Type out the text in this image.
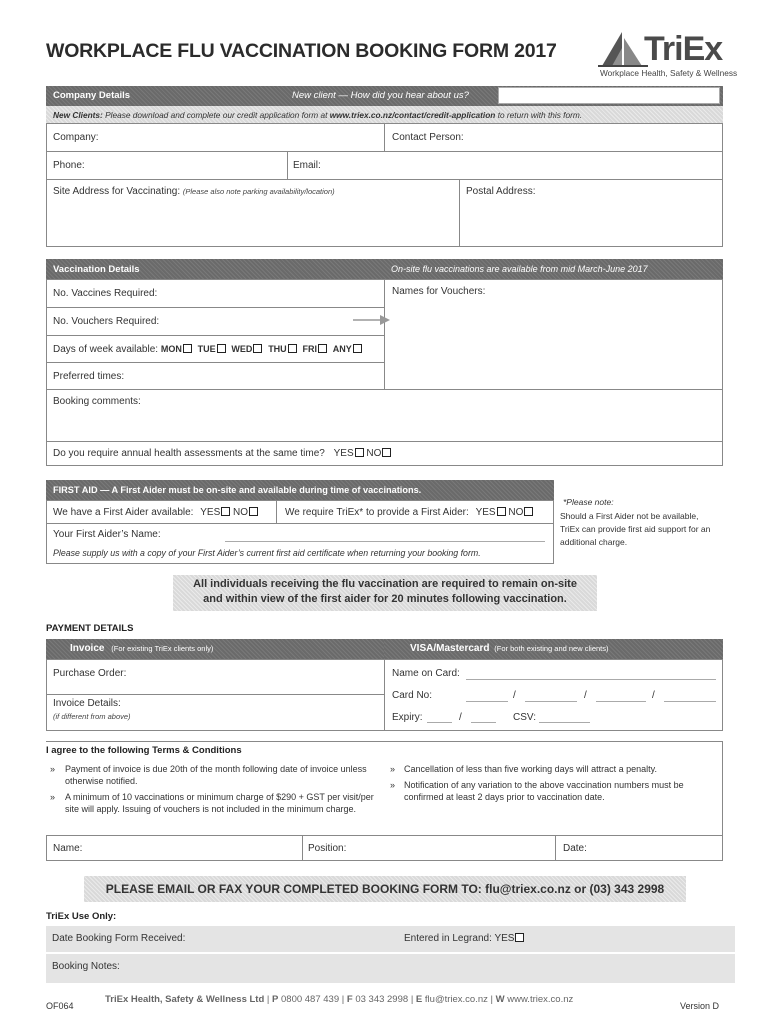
WORKPLACE FLU VACCINATION BOOKING FORM 2017	TriEx
Workplace Health, Safety & Wellness
Company Details	New client — How did you hear about us?
New Clients: Please download and complete our credit application form at www.triex.co.nz/contact/credit-application to return with this form.
Company:	Contact Person:
Phone:	Email:
Site Address for Vaccinating: (Please also note parking availability/location)	Postal Address:
Vaccination Details	On-site flu vaccinations are available from mid March-June 2017
No. Vaccines Required:	Names for Vouchers:
No. Vouchers Required:
Days of week available: MON TUE WED THU FRI ANY
Preferred times:
Booking comments:
Do you require annual health assessments at the same time? YES NO
FIRST AID — A First Aider must be on-site and available during time of vaccinations.
We have a First Aider available: YES NO	We require TriEx* to provide a First Aider: YES NO
Your First Aider’s Name:
Please supply us with a copy of your First Aider’s current first aid certificate when returning your booking form.
*Please note:
Should a First Aider not be available, TriEx can provide first aid support for an additional charge.
All individuals receiving the flu vaccination are required to remain on-site
and within view of the first aider for 20 minutes following vaccination.
PAYMENT DETAILS
Invoice (For existing TriEx clients only)	VISA/Mastercard (For both existing and new clients)
Purchase Order:
Invoice Details:
(if different from above)
Name on Card:
Card No:	/	/	/
Expiry:	/	CSV:
I agree to the following Terms & Conditions
» Payment of invoice is due 20th of the month following date of invoice unless otherwise notified.
» A minimum of 10 vaccinations or minimum charge of $290 + GST per visit/per site will apply. Issuing of vouchers is not included in the minimum charge.
» Cancellation of less than five working days will attract a penalty.
» Notification of any variation to the above vaccination numbers must be confirmed at least 2 days prior to vaccination date.
Name:	Position:	Date:
PLEASE EMAIL OR FAX YOUR COMPLETED BOOKING FORM TO: flu@triex.co.nz or (03) 343 2998
TriEx Use Only:
Date Booking Form Received:	Entered in Legrand: YES
Booking Notes:
OF064
TriEx Health, Safety & Wellness Ltd | P 0800 487 439 | F 03 343 2998 | E flu@triex.co.nz | W www.triex.co.nz
Version D
